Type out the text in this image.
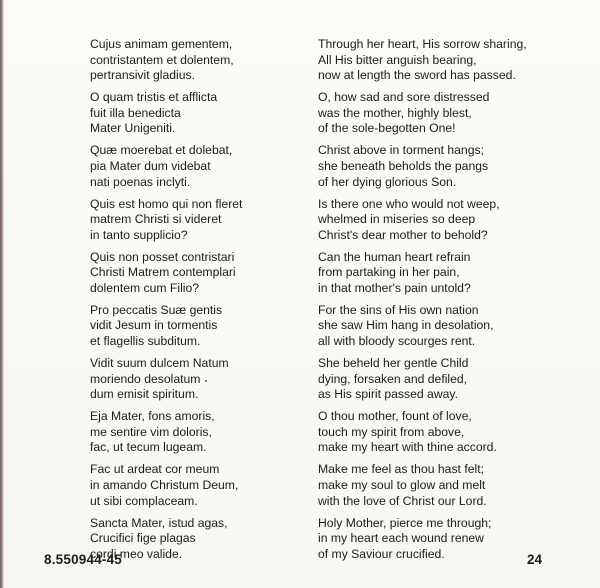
Cujus animam gementem,
contristantem et dolentem,
pertransivit gladius.
O quam tristis et afflicta
fuit illa benedicta
Mater Unigeniti.
Quæ moerebat et dolebat,
pia Mater dum videbat
nati poenas inclyti.
Quis est homo qui non fleret
matrem Christi si videret
in tanto supplicio?
Quis non posset contristari
Christi Matrem contemplari
dolentem cum Filio?
Pro peccatis Suæ gentis
vidit Jesum in tormentis
et flagellis subditum.
Vidit suum dulcem Natum
moriendo desolatum
dum emisit spiritum.
Eja Mater, fons amoris,
me sentire vim doloris,
fac, ut tecum lugeam.
Fac ut ardeat cor meum
in amando Christum Deum,
ut sibi complaceam.
Sancta Mater, istud agas,
Crucifici fige plagas
cordi meo valide.
Through her heart, His sorrow sharing,
All His bitter anguish bearing,
now at length the sword has passed.
O, how sad and sore distressed
was the mother, highly blest,
of the sole-begotten One!
Christ above in torment hangs;
she beneath beholds the pangs
of her dying glorious Son.
Is there one who would not weep,
whelmed in miseries so deep
Christ's dear mother to behold?
Can the human heart refrain
from partaking in her pain,
in that mother's pain untold?
For the sins of His own nation
she saw Him hang in desolation,
all with bloody scourges rent.
She beheld her gentle Child
dying, forsaken and defiled,
as His spirit passed away.
O thou mother, fount of love,
touch my spirit from above,
make my heart with thine accord.
Make me feel as thou hast felt;
make my soul to glow and melt
with the love of Christ our Lord.
Holy Mother, pierce me through;
in my heart each wound renew
of my Saviour crucified.
8.550944-45	24
